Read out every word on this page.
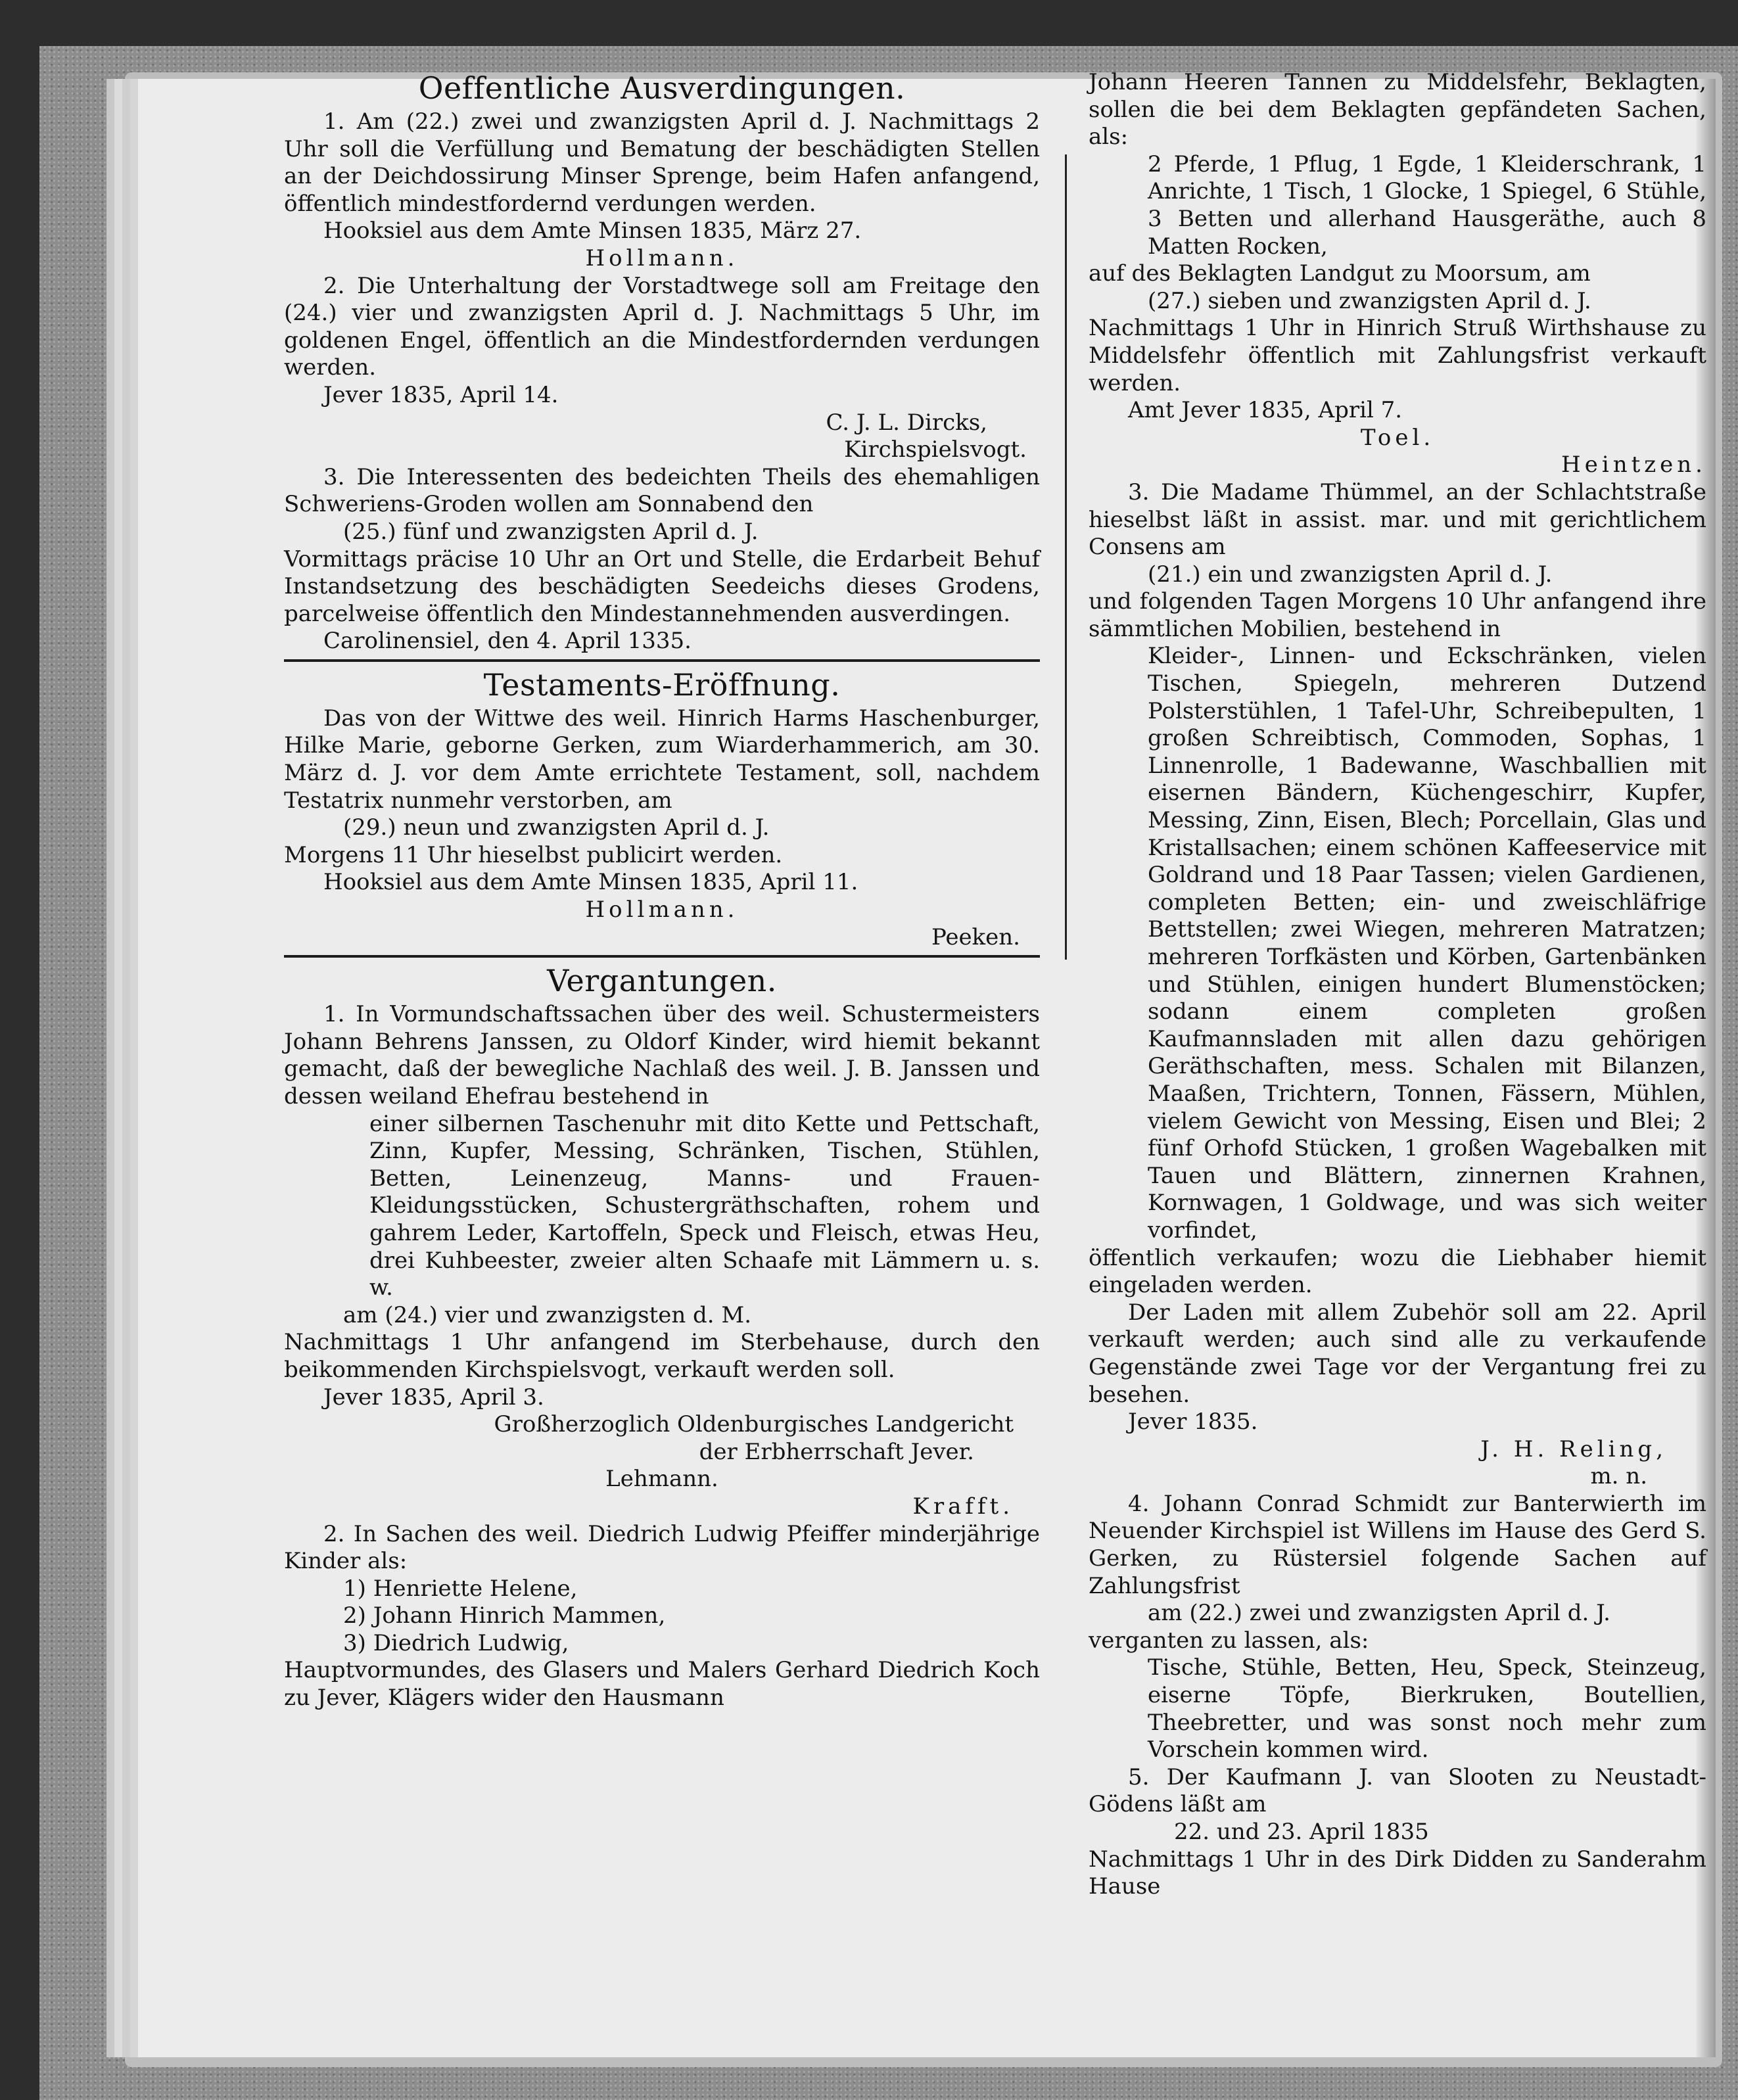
Oeffentliche Ausverdingungen.

1. Am (22.) zwei und zwanzigsten April d. J. Nachmittags 2 Uhr soll die Verfüllung und Bematung der beschädigten Stellen an der Deichdossirung Minser Sprenge, beim Hafen anfangend, öffentlich mindestfordernd verdungen werden.

Hooksiel aus dem Amte Minsen 1835, März 27.

Hollmann.

2. Die Unterhaltung der Vorstadtwege soll am Freitage den (24.) vier und zwanzigsten April d. J. Nachmittags 5 Uhr, im goldenen Engel, öffentlich an die Mindestfordernden verdungen werden.

Jever 1835, April 14.

C. J. L. Dircks,

Kirchspielsvogt.

3. Die Interessenten des bedeichten Theils des ehemahligen Schweriens-Groden wollen am Sonnabend den

(25.) fünf und zwanzigsten April d. J.

Vormittags präcise 10 Uhr an Ort und Stelle, die Erdarbeit Behuf Instandsetzung des beschädigten Seedeichs dieses Grodens, parcelweise öffentlich den Mindestannehmenden ausverdingen.

Carolinensiel, den 4. April 1335.

Testaments-Eröffnung.

Das von der Wittwe des weil. Hinrich Harms Haschenburger, Hilke Marie, geborne Gerken, zum Wiarderhammerich, am 30. März d. J. vor dem Amte errichtete Testament, soll, nachdem Testatrix nunmehr verstorben, am

(29.) neun und zwanzigsten April d. J.

Morgens 11 Uhr hieselbst publicirt werden.

Hooksiel aus dem Amte Minsen 1835, April 11.

Hollmann.

Peeken.

Vergantungen.

1. In Vormundschaftssachen über des weil. Schustermeisters Johann Behrens Janssen, zu Oldorf Kinder, wird hiemit bekannt gemacht, daß der bewegliche Nachlaß des weil. J. B. Janssen und dessen weiland Ehefrau bestehend in

einer silbernen Taschenuhr mit dito Kette und Pettschaft, Zinn, Kupfer, Messing, Schränken, Tischen, Stühlen, Betten, Leinenzeug, Manns- und Frauen-Kleidungsstücken, Schustergräthschaften, rohem und gahrem Leder, Kartoffeln, Speck und Fleisch, etwas Heu, drei Kuhbeester, zweier alten Schaafe mit Lämmern u. s. w.

am (24.) vier und zwanzigsten d. M.

Nachmittags 1 Uhr anfangend im Sterbehause, durch den beikommenden Kirchspielsvogt, verkauft werden soll.

Jever 1835, April 3.

Großherzoglich Oldenburgisches Landgericht

der Erbherrschaft Jever.

Lehmann.

Krafft.

2. In Sachen des weil. Diedrich Ludwig Pfeiffer minderjährige Kinder als:

1) Henriette Helene,

2) Johann Hinrich Mammen,

3) Diedrich Ludwig,

Hauptvormundes, des Glasers und Malers Gerhard Diedrich Koch zu Jever, Klägers wider den Hausmann

Johann Heeren Tannen zu Middelsfehr, Beklagten, sollen die bei dem Beklagten gepfändeten Sachen, als:

2 Pferde, 1 Pflug, 1 Egde, 1 Kleiderschrank, 1 Anrichte, 1 Tisch, 1 Glocke, 1 Spiegel, 6 Stühle, 3 Betten und allerhand Hausgeräthe, auch 8 Matten Rocken,

auf des Beklagten Landgut zu Moorsum, am

(27.) sieben und zwanzigsten April d. J.

Nachmittags 1 Uhr in Hinrich Struß Wirthshause zu Middelsfehr öffentlich mit Zahlungsfrist verkauft werden.

Amt Jever 1835, April 7.

Toel.

Heintzen.

3. Die Madame Thümmel, an der Schlachtstraße hieselbst läßt in assist. mar. und mit gerichtlichem Consens am

(21.) ein und zwanzigsten April d. J.

und folgenden Tagen Morgens 10 Uhr anfangend ihre sämmtlichen Mobilien, bestehend in

Kleider-, Linnen- und Eckschränken, vielen Tischen, Spiegeln, mehreren Dutzend Polsterstühlen, 1 Tafel-Uhr, Schreibepulten, 1 großen Schreibtisch, Commoden, Sophas, 1 Linnenrolle, 1 Badewanne, Waschballien mit eisernen Bändern, Küchengeschirr, Kupfer, Messing, Zinn, Eisen, Blech; Porcellain, Glas und Kristallsachen; einem schönen Kaffeeservice mit Goldrand und 18 Paar Tassen; vielen Gardienen, completen Betten; ein- und zweischläfrige Bettstellen; zwei Wiegen, mehreren Matratzen; mehreren Torfkästen und Körben, Gartenbänken und Stühlen, einigen hundert Blumenstöcken; sodann einem completen großen Kaufmannsladen mit allen dazu gehörigen Geräthschaften, mess. Schalen mit Bilanzen, Maaßen, Trichtern, Tonnen, Fässern, Mühlen, vielem Gewicht von Messing, Eisen und Blei; 2 fünf Orhofd Stücken, 1 großen Wagebalken mit Tauen und Blättern, zinnernen Krahnen, Kornwagen, 1 Goldwage, und was sich weiter vorfindet,

öffentlich verkaufen; wozu die Liebhaber hiemit eingeladen werden.

Der Laden mit allem Zubehör soll am 22. April verkauft werden; auch sind alle zu verkaufende Gegenstände zwei Tage vor der Vergantung frei zu besehen.

Jever 1835.

J. H. Reling,

m. n.

4. Johann Conrad Schmidt zur Banterwierth im Neuender Kirchspiel ist Willens im Hause des Gerd S. Gerken, zu Rüstersiel folgende Sachen auf Zahlungsfrist

am (22.) zwei und zwanzigsten April d. J.

verganten zu lassen, als:

Tische, Stühle, Betten, Heu, Speck, Steinzeug, eiserne Töpfe, Bierkruken, Boutellien, Theebretter, und was sonst noch mehr zum Vorschein kommen wird.

5. Der Kaufmann J. van Slooten zu Neustadt-Gödens läßt am

22. und 23. April 1835

Nachmittags 1 Uhr in des Dirk Didden zu Sanderahm Hause
